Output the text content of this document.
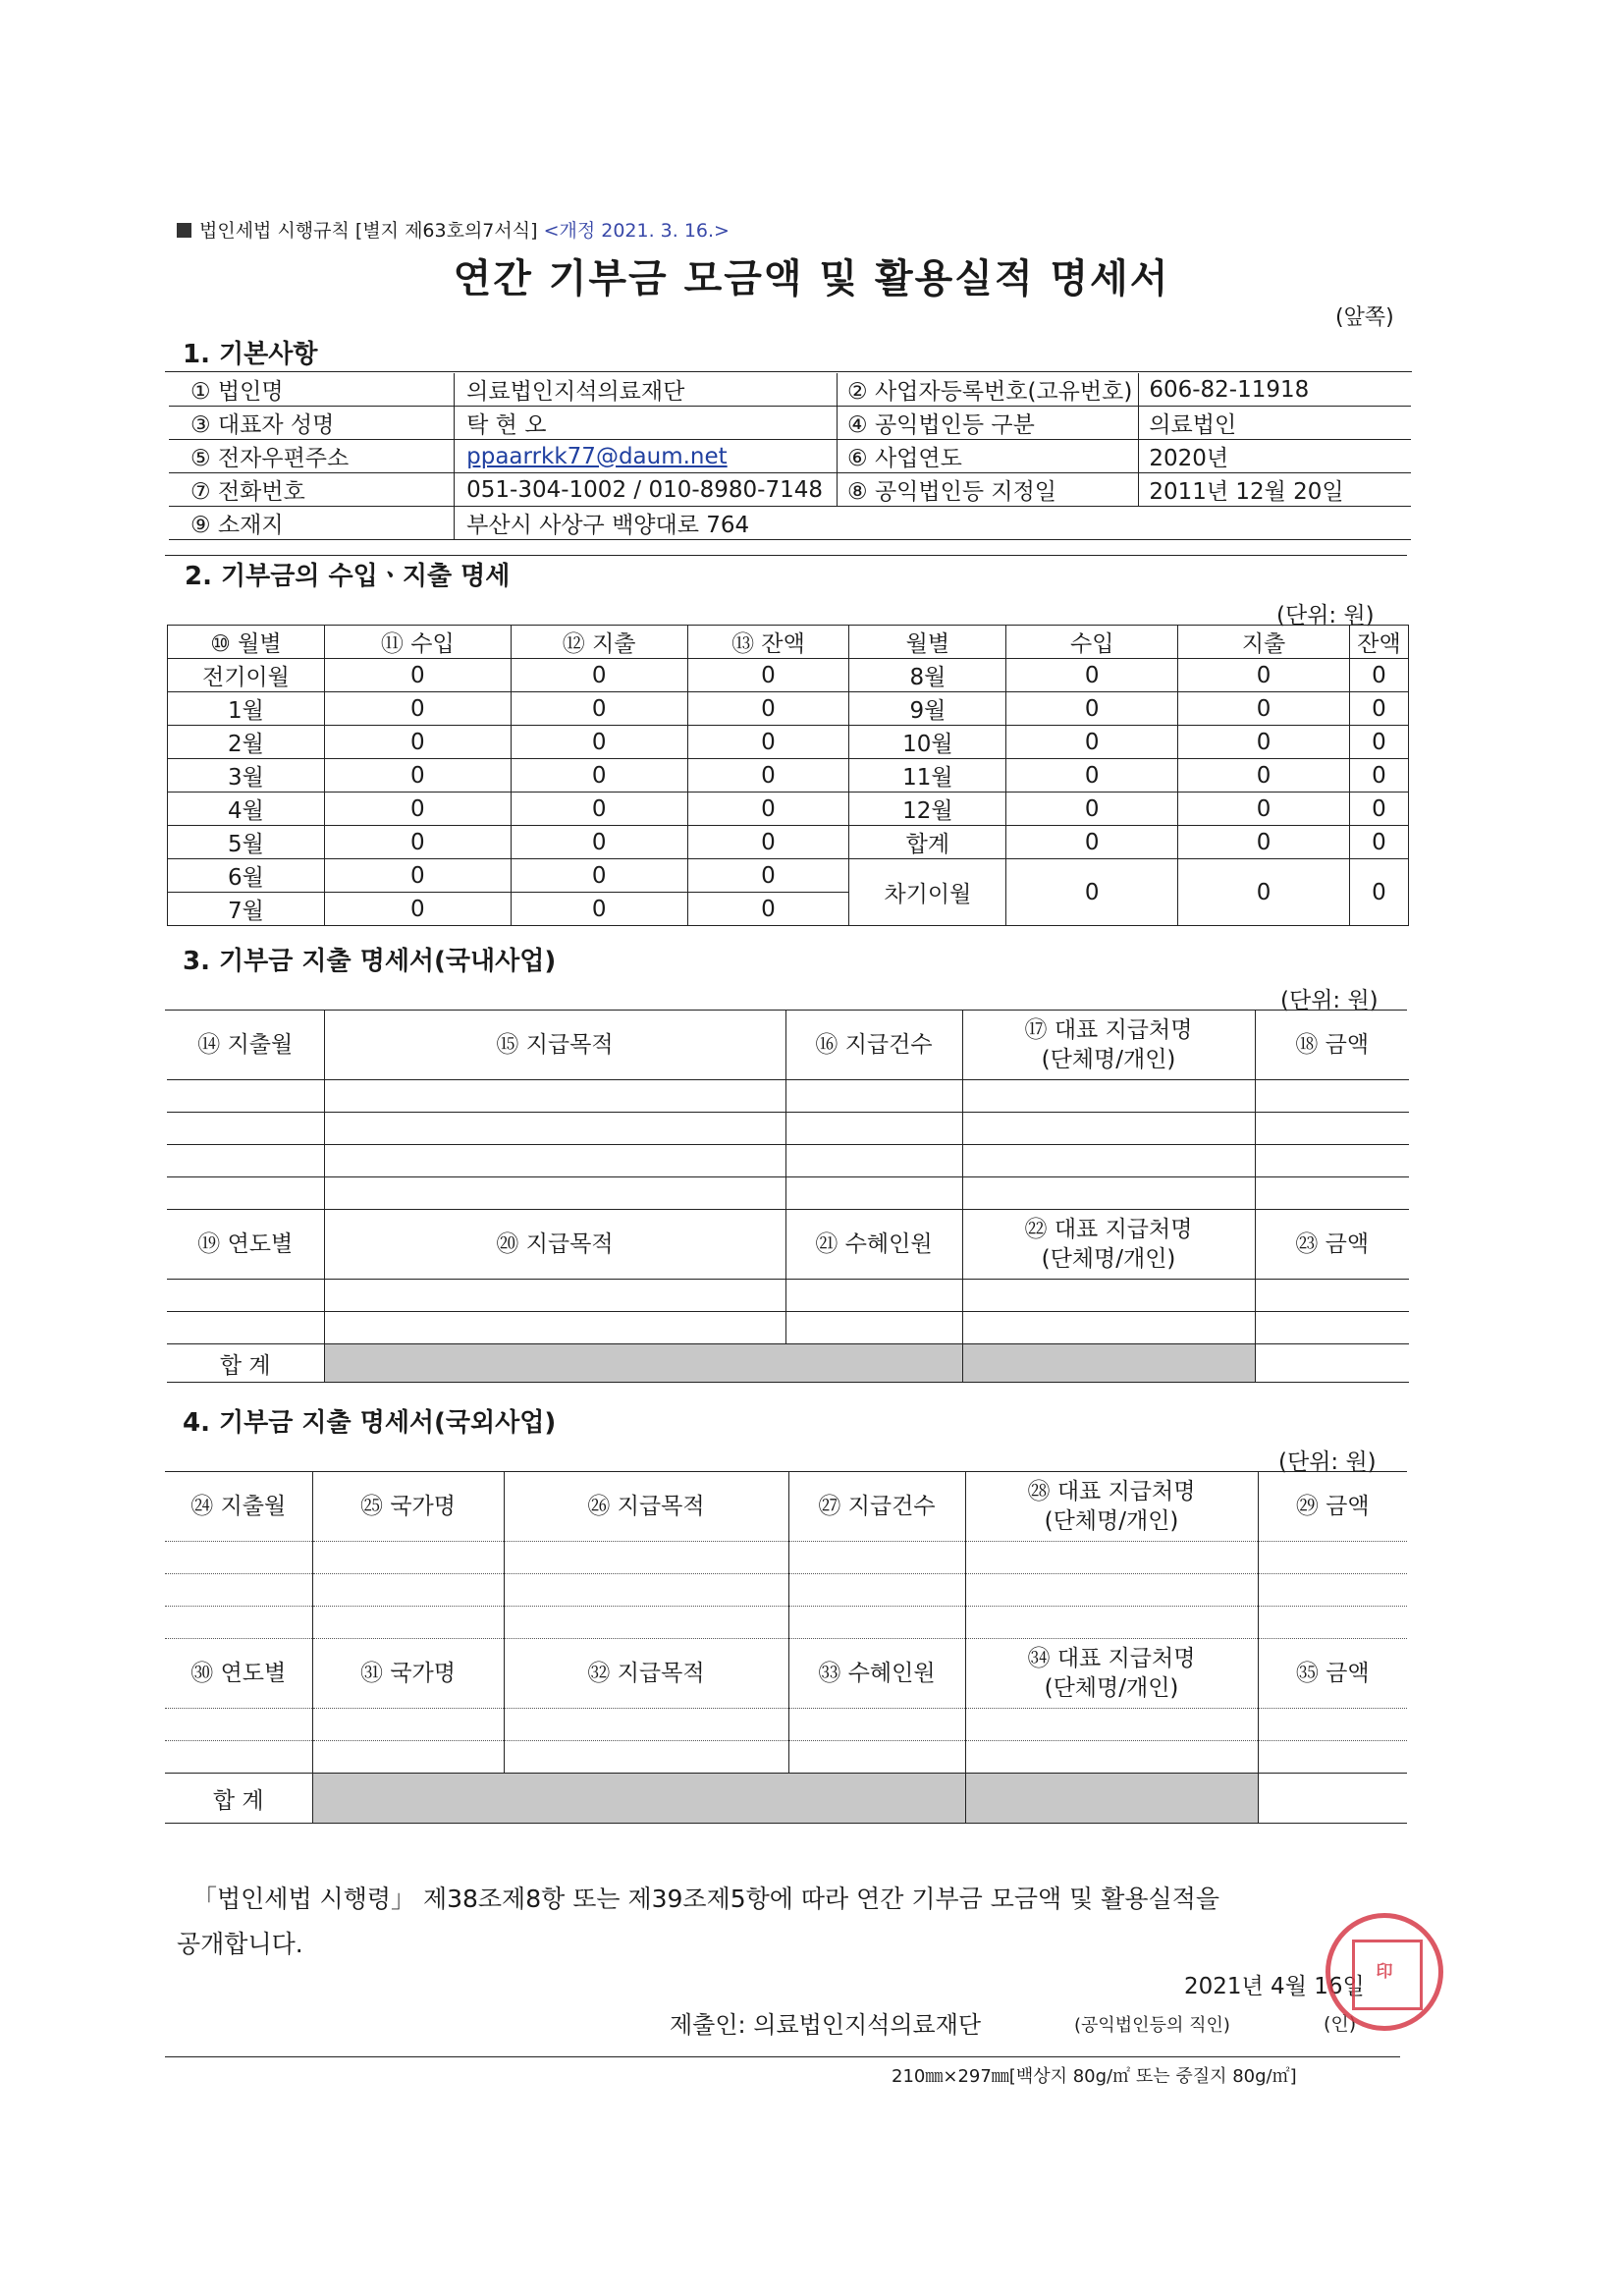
법인세법 시행규칙 [별지 제63호의7서식] <개정 2021. 3. 16.>
연간 기부금 모금액 및 활용실적 명세서
(앞쪽)
1. 기본사항
① 법인명	의료법인지석의료재단	② 사업자등록번호(고유번호)	606-82-11918
③ 대표자 성명	탁 현 오	④ 공익법인등 구분	의료법인
⑤ 전자우편주소	ppaarrkk77@daum.net	⑥ 사업연도	2020년
⑦ 전화번호	051-304-1002 / 010-8980-7148	⑧ 공익법인등 지정일	2011년 12월 20일
⑨ 소재지	부산시 사상구 백양대로 764		
2. 기부금의 수입ㆍ지출 명세
(단위: 원)
⑩ 월별	⑪ 수입	⑫ 지출	⑬ 잔액	월별	수입	지출	잔액
전기이월	0	0	0	8월	0	0	0
1월	0	0	0	9월	0	0	0
2월	0	0	0	10월	0	0	0
3월	0	0	0	11월	0	0	0
4월	0	0	0	12월	0	0	0
5월	0	0	0	합계	0	0	0
6월	0	0	0	차기이월	0	0	0
7월	0	0	0				
3. 기부금 지출 명세서(국내사업)
(단위: 원)
⑭ 지출월	⑮ 지급목적	⑯ 지급건수	⑰ 대표 지급처명
(단체명/개인)	⑱ 금액

⑲ 연도별	⑳ 지급목적	㉑ 수혜인원	㉒ 대표 지급처명
(단체명/개인)	㉓ 금액

합 계				
4. 기부금 지출 명세서(국외사업)
(단위: 원)
㉔ 지출월	㉕ 국가명	㉖ 지급목적	㉗ 지급건수	㉘ 대표 지급처명
(단체명/개인)	㉙ 금액

㉚ 연도별	㉛ 국가명	㉜ 지급목적	㉝ 수혜인원	㉞ 대표 지급처명
(단체명/개인)	㉟ 금액

합 계					
「법인세법 시행령」 제38조제8항 또는 제39조제5항에 따라 연간 기부금 모금액 및 활용실적을
공개합니다.
2021년 4월 16일
제출인: 의료법인지석의료재단	(공익법인등의 직인)	(인)
印
210㎜×297㎜[백상지 80g/㎡ 또는 중질지 80g/㎡]
